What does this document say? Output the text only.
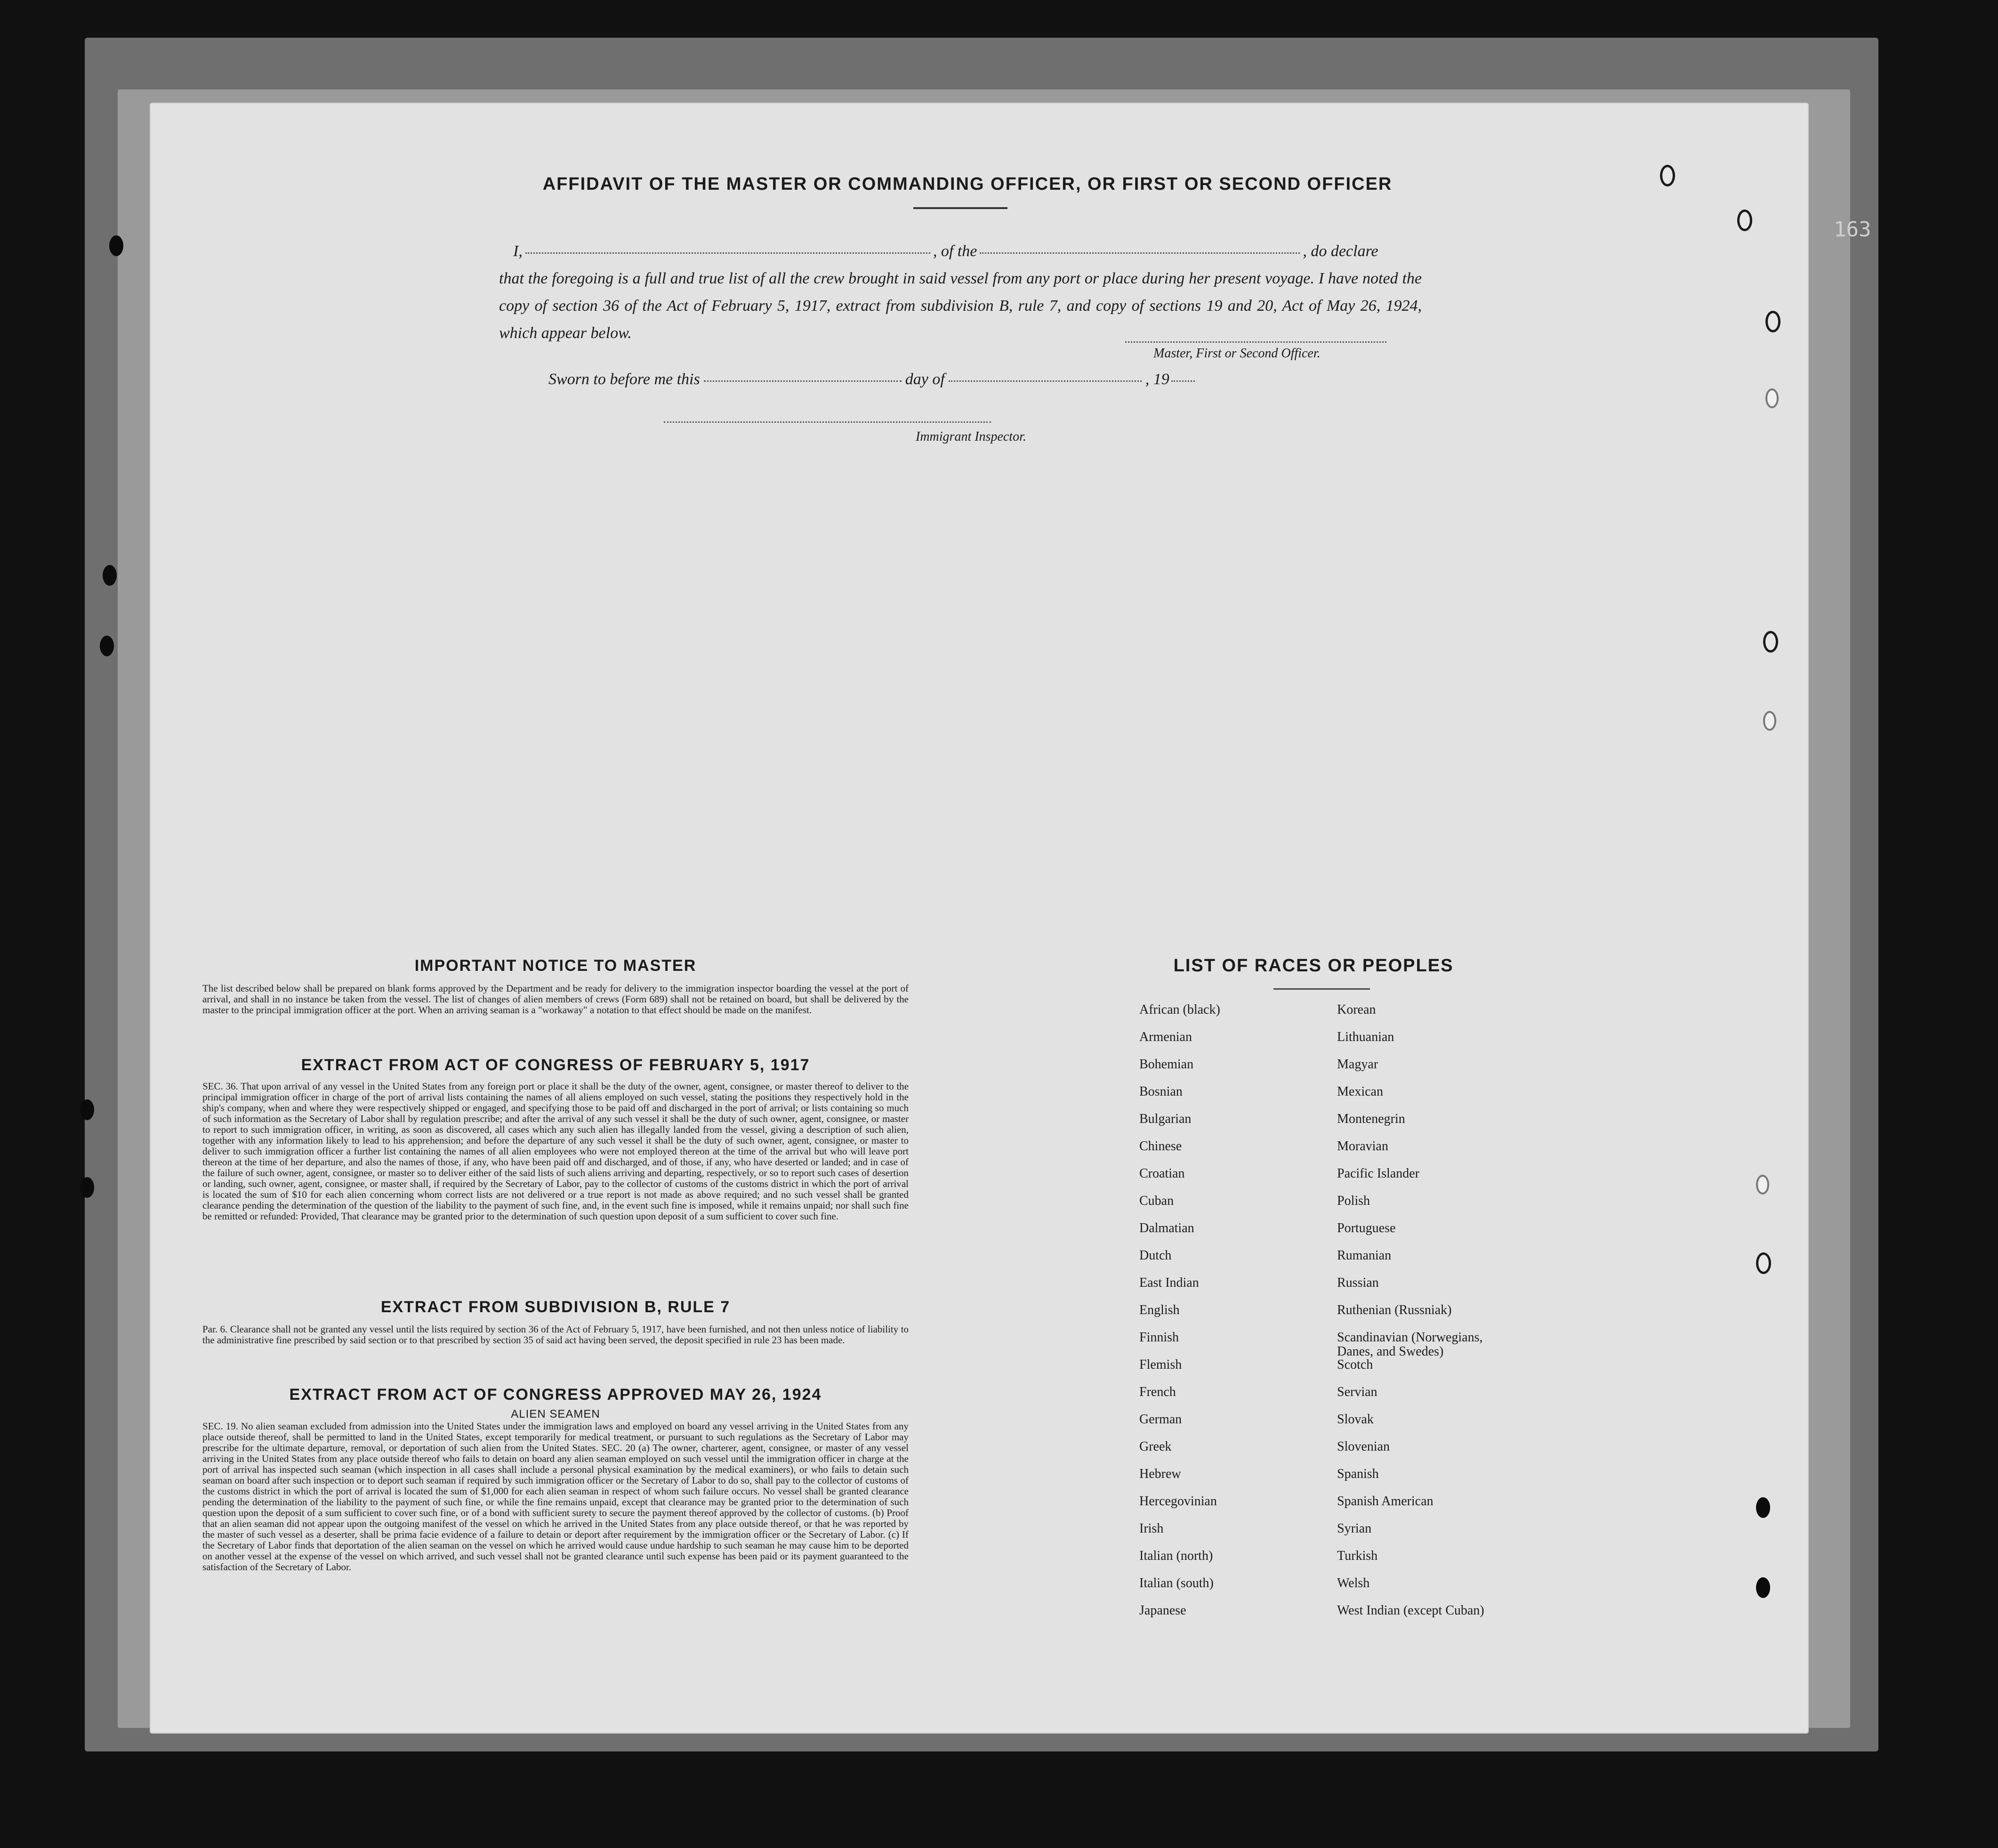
163
AFFIDAVIT OF THE MASTER OR COMMANDING OFFICER, OR FIRST OR SECOND OFFICER
I,	, of the	, do declare
that the foregoing is a full and true list of all the crew brought in said vessel from any port or place during her present voyage. I have noted the copy of section 36 of the Act of February 5, 1917, extract from subdivision B, rule 7, and copy of sections 19 and 20, Act of May 26, 1924, which appear below.
Master, First or Second Officer.
Sworn to before me this	day of	, 19
Immigrant Inspector.
IMPORTANT NOTICE TO MASTER
The list described below shall be prepared on blank forms approved by the Department and be ready for delivery to the immigration inspector boarding the vessel at the port of arrival, and shall in no instance be taken from the vessel. The list of changes of alien members of crews (Form 689) shall not be retained on board, but shall be delivered by the master to the principal immigration officer at the port. When an arriving seaman is a "workaway" a notation to that effect should be made on the manifest.
EXTRACT FROM ACT OF CONGRESS OF FEBRUARY 5, 1917
SEC. 36. That upon arrival of any vessel in the United States from any foreign port or place it shall be the duty of the owner, agent, consignee, or master thereof to deliver to the principal immigration officer in charge of the port of arrival lists containing the names of all aliens employed on such vessel, stating the positions they respectively hold in the ship's company, when and where they were respectively shipped or engaged, and specifying those to be paid off and discharged in the port of arrival; or lists containing so much of such information as the Secretary of Labor shall by regulation prescribe; and after the arrival of any such vessel it shall be the duty of such owner, agent, consignee, or master to report to such immigration officer, in writing, as soon as discovered, all cases which any such alien has illegally landed from the vessel, giving a description of such alien, together with any information likely to lead to his apprehension; and before the departure of any such vessel it shall be the duty of such owner, agent, consignee, or master to deliver to such immigration officer a further list containing the names of all alien employees who were not employed thereon at the time of the arrival but who will leave port thereon at the time of her departure, and also the names of those, if any, who have been paid off and discharged, and of those, if any, who have deserted or landed; and in case of the failure of such owner, agent, consignee, or master so to deliver either of the said lists of such aliens arriving and departing, respectively, or so to report such cases of desertion or landing, such owner, agent, consignee, or master shall, if required by the Secretary of Labor, pay to the collector of customs of the customs district in which the port of arrival is located the sum of $10 for each alien concerning whom correct lists are not delivered or a true report is not made as above required; and no such vessel shall be granted clearance pending the determination of the question of the liability to the payment of such fine, and, in the event such fine is imposed, while it remains unpaid; nor shall such fine be remitted or refunded: Provided, That clearance may be granted prior to the determination of such question upon deposit of a sum sufficient to cover such fine.
EXTRACT FROM SUBDIVISION B, RULE 7
Par. 6. Clearance shall not be granted any vessel until the lists required by section 36 of the Act of February 5, 1917, have been furnished, and not then unless notice of liability to the administrative fine prescribed by said section or to that prescribed by section 35 of said act having been served, the deposit specified in rule 23 has been made.
EXTRACT FROM ACT OF CONGRESS APPROVED MAY 26, 1924
ALIEN SEAMEN
SEC. 19. No alien seaman excluded from admission into the United States under the immigration laws and employed on board any vessel arriving in the United States from any place outside thereof, shall be permitted to land in the United States, except temporarily for medical treatment, or pursuant to such regulations as the Secretary of Labor may prescribe for the ultimate departure, removal, or deportation of such alien from the United States. SEC. 20 (a) The owner, charterer, agent, consignee, or master of any vessel arriving in the United States from any place outside thereof who fails to detain on board any alien seaman employed on such vessel until the immigration officer in charge at the port of arrival has inspected such seaman (which inspection in all cases shall include a personal physical examination by the medical examiners), or who fails to detain such seaman on board after such inspection or to deport such seaman if required by such immigration officer or the Secretary of Labor to do so, shall pay to the collector of customs of the customs district in which the port of arrival is located the sum of $1,000 for each alien seaman in respect of whom such failure occurs. No vessel shall be granted clearance pending the determination of the liability to the payment of such fine, or while the fine remains unpaid, except that clearance may be granted prior to the determination of such question upon the deposit of a sum sufficient to cover such fine, or of a bond with sufficient surety to secure the payment thereof approved by the collector of customs. (b) Proof that an alien seaman did not appear upon the outgoing manifest of the vessel on which he arrived in the United States from any place outside thereof, or that he was reported by the master of such vessel as a deserter, shall be prima facie evidence of a failure to detain or deport after requirement by the immigration officer or the Secretary of Labor. (c) If the Secretary of Labor finds that deportation of the alien seaman on the vessel on which he arrived would cause undue hardship to such seaman he may cause him to be deported on another vessel at the expense of the vessel on which arrived, and such vessel shall not be granted clearance until such expense has been paid or its payment guaranteed to the satisfaction of the Secretary of Labor.
LIST OF RACES OR PEOPLES
African (black)
Armenian
Bohemian
Bosnian
Bulgarian
Chinese
Croatian
Cuban
Dalmatian
Dutch
East Indian
English
Finnish
Flemish
French
German
Greek
Hebrew
Hercegovinian
Irish
Italian (north)
Italian (south)
Japanese
Korean
Lithuanian
Magyar
Mexican
Montenegrin
Moravian
Pacific Islander
Polish
Portuguese
Rumanian
Russian
Ruthenian (Russniak)
Scandinavian (Norwegians,
Danes, and Swedes)
Scotch
Servian
Slovak
Slovenian
Spanish
Spanish American
Syrian
Turkish
Welsh
West Indian (except Cuban)
